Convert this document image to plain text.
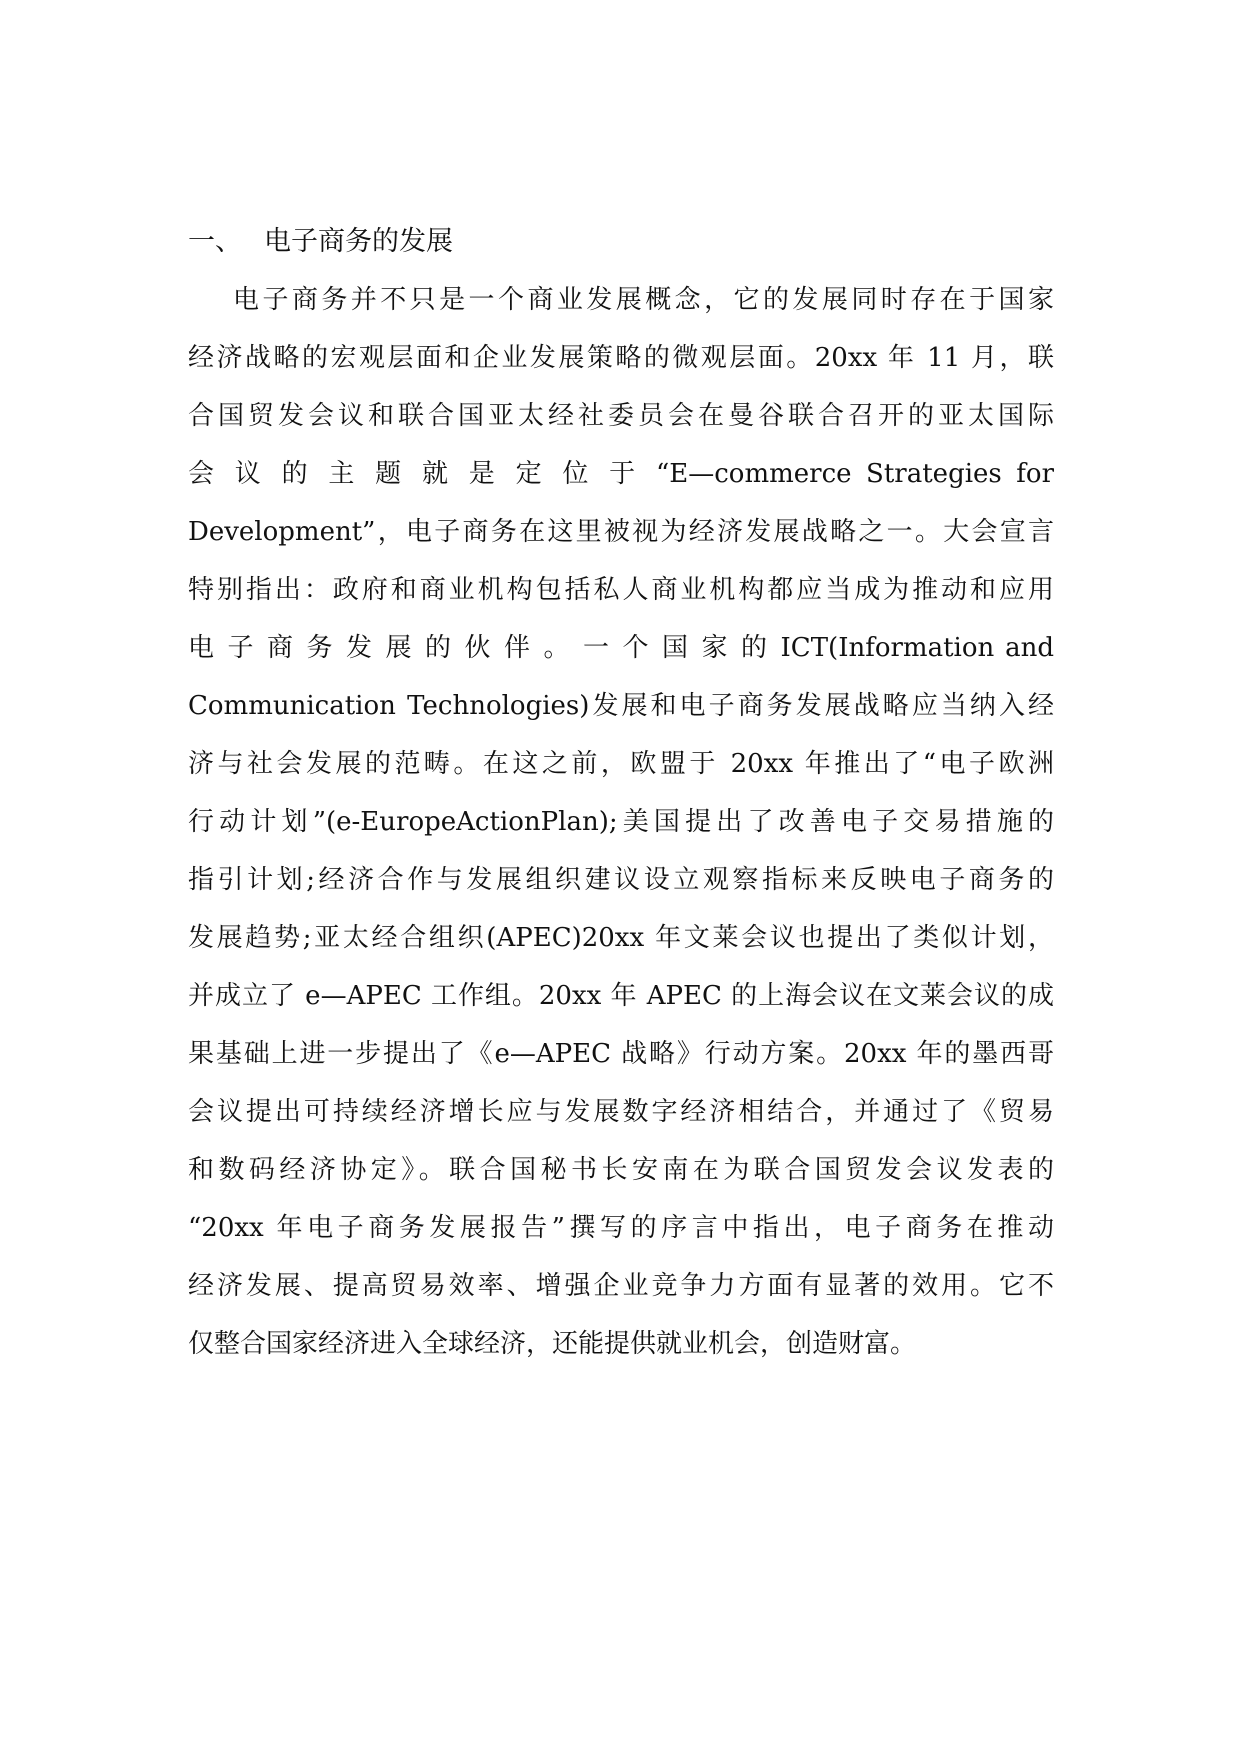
一、 电子商务的发展
电子商务并不只是一个商业发展概念，它的发展同时存在于国家
经济战略的宏观层面和企业发展策略的微观层面。20xx 年 11 月，联
合国贸发会议和联合国亚太经社委员会在曼谷联合召开的亚太国际
会 议 的 主 题 就 是 定 位 于 “E—commerce Strategies for
Development”，电子商务在这里被视为经济发展战略之一。大会宣言
特别指出：政府和商业机构包括私人商业机构都应当成为推动和应用
电 子 商 务 发 展 的 伙 伴 。 一 个 国 家 的 ICT(Information and
Communication Technologies)发展和电子商务发展战略应当纳入经
济与社会发展的范畴。在这之前，欧盟于 20xx 年推出了“电子欧洲
行动计划”(e-EuropeActionPlan);美国提出了改善电子交易措施的
指引计划;经济合作与发展组织建议设立观察指标来反映电子商务的
发展趋势;亚太经合组织(APEC)20xx 年文莱会议也提出了类似计划，
并成立了 e—APEC 工作组。20xx 年 APEC 的上海会议在文莱会议的成
果基础上进一步提出了《e—APEC 战略》行动方案。20xx 年的墨西哥
会议提出可持续经济增长应与发展数字经济相结合，并通过了《贸易
和数码经济协定》。联合国秘书长安南在为联合国贸发会议发表的
“20xx 年电子商务发展报告”撰写的序言中指出，电子商务在推动
经济发展、提高贸易效率、增强企业竞争力方面有显著的效用。它不
仅整合国家经济进入全球经济，还能提供就业机会，创造财富。
